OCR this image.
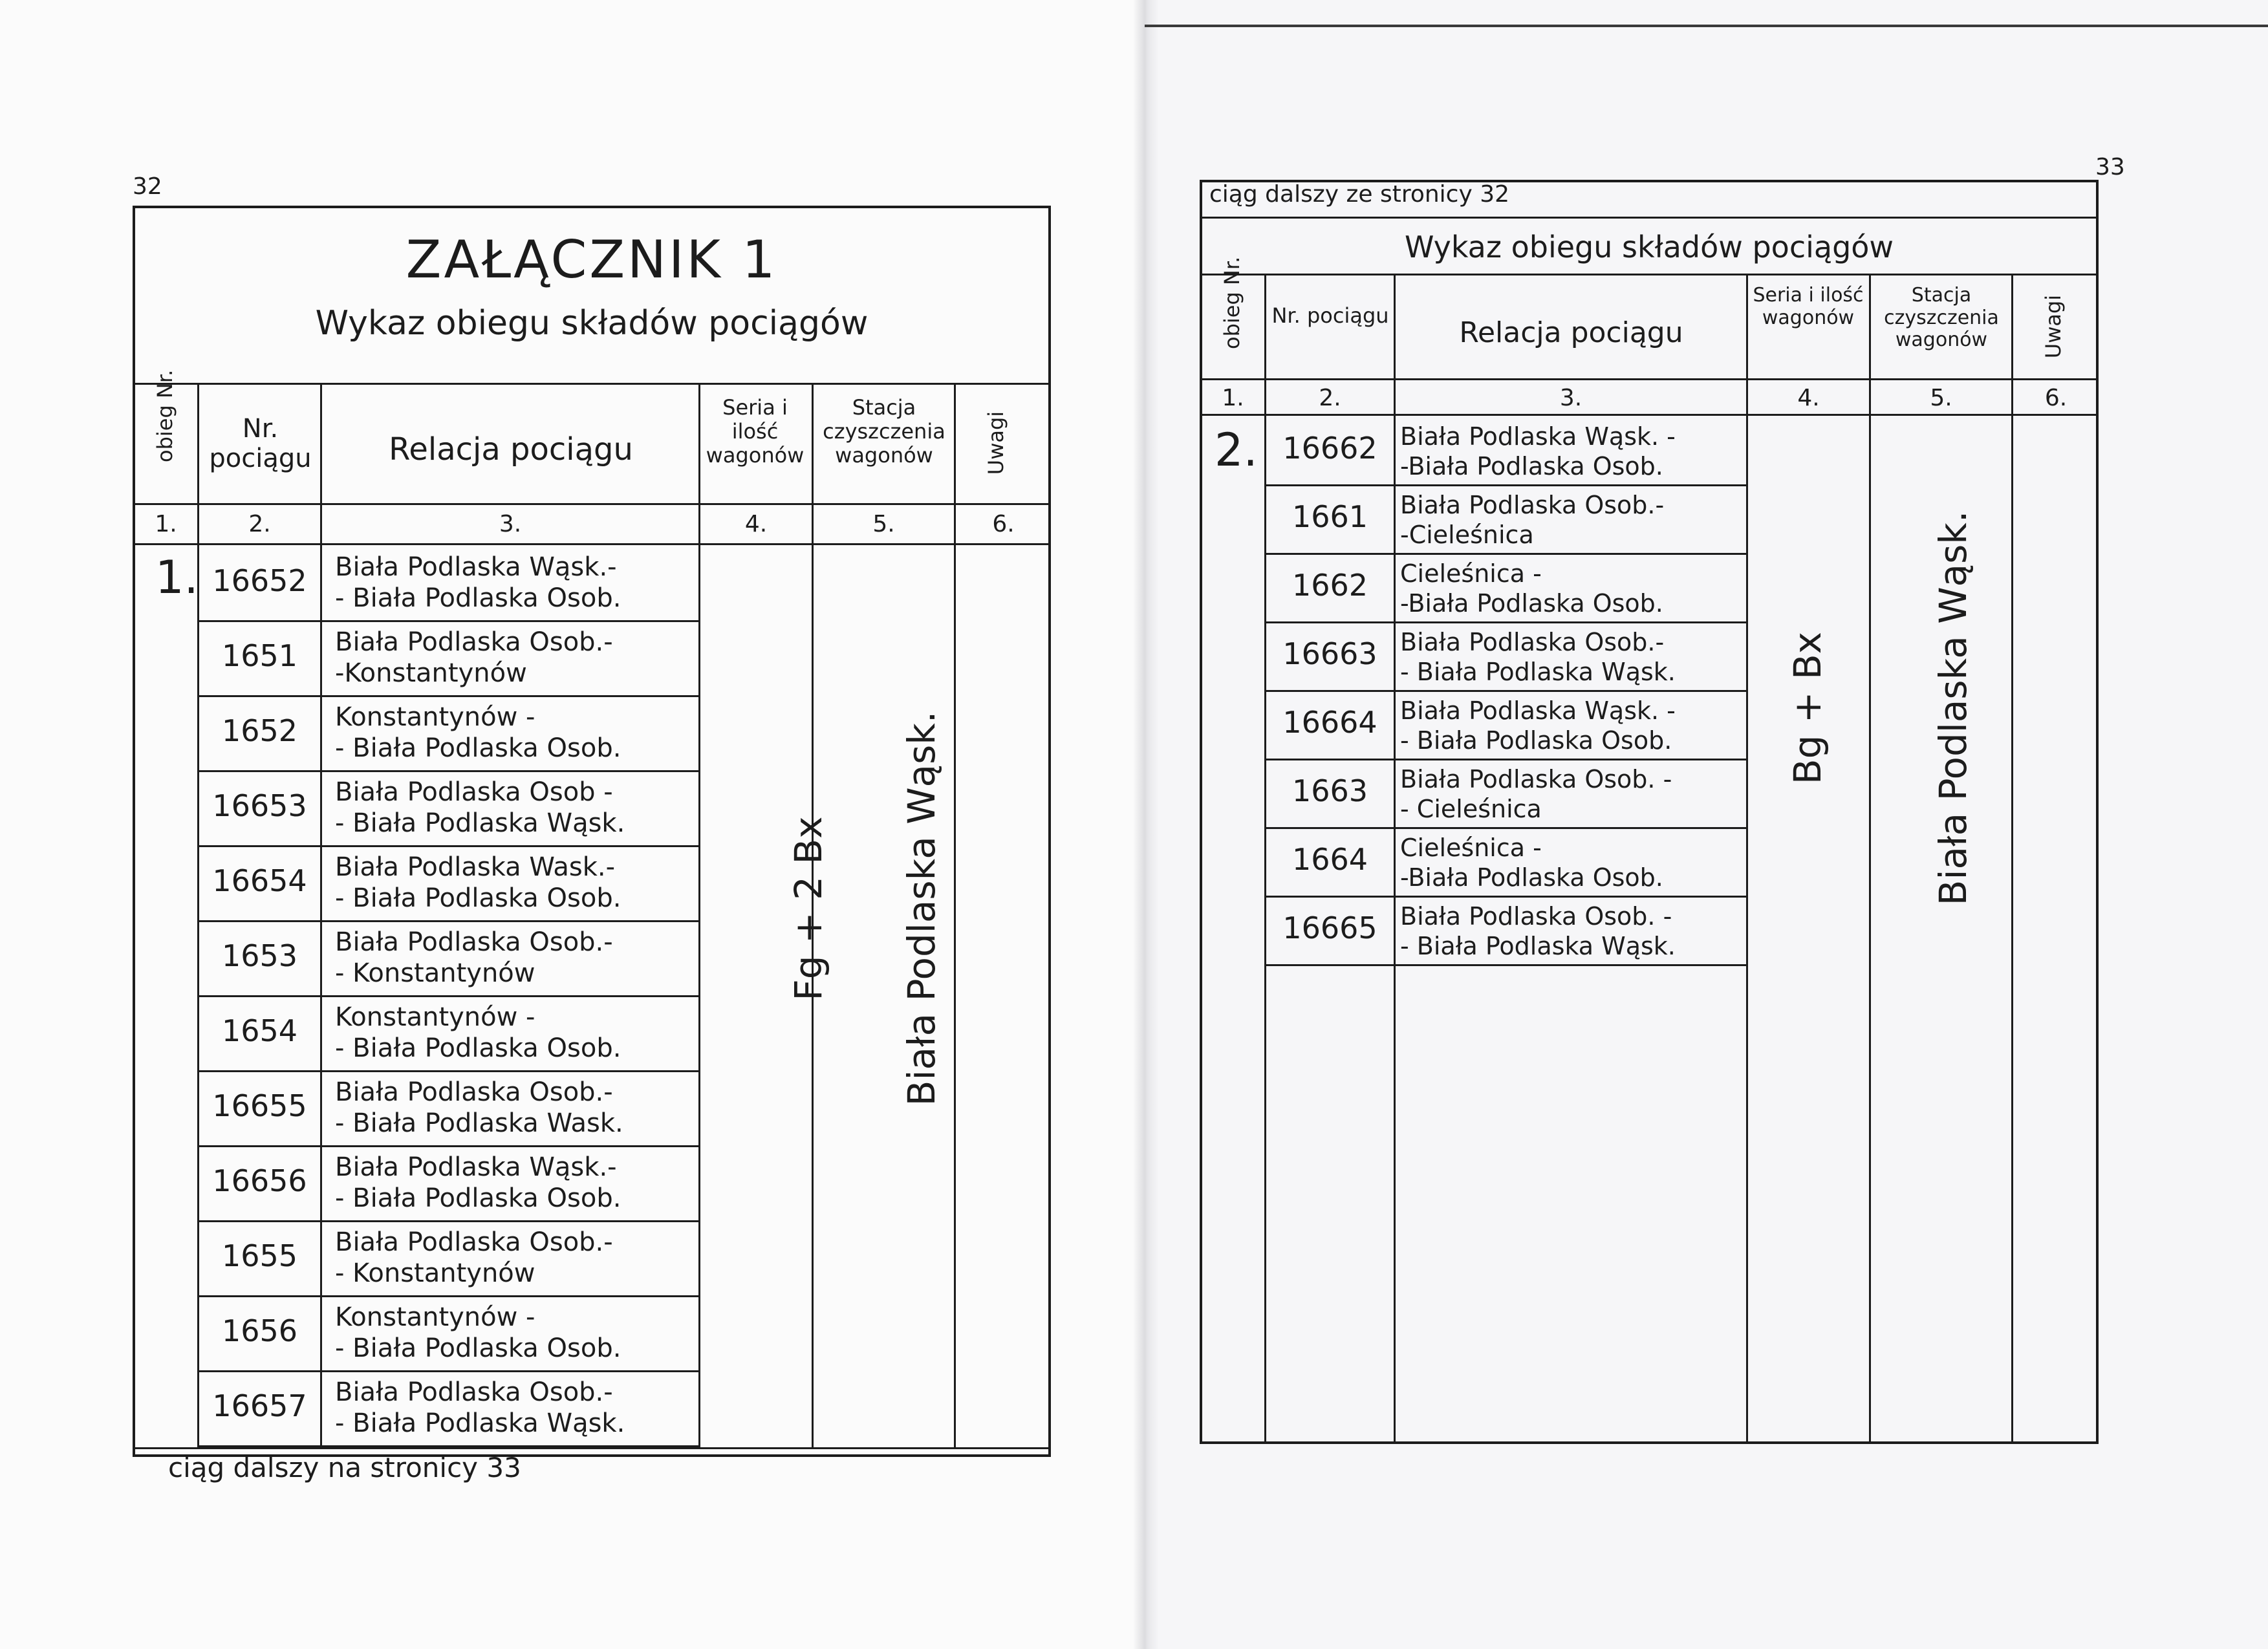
32
ZAŁĄCZNIK 1
Wykaz obiegu składów pociągów
Nr. pociągu	Relacja pociągu
Seria i ilość wagonów
Stacja czyszczenia wagonów	Uwagi
1.	2.	3.	4.	5.	6.
1. 16652	Biała Podlaska Wąsk.-
- Biała Podlaska Osob.
1651	Biała Podlaska Osob.-
-Konstantynów
1652	Konstantynów -
- Biała Podlaska Osob.
16653	Biała Podlaska Osob -
- Biała Podlaska Wąsk.
16654	Biała Podlaska Wask.-
- Biała Podlaska Osob.
1653	Biała Podlaska Osob.-
- Konstantynów
1654	Konstantynów -
- Biała Podlaska Osob.
16655	Biała Podlaska Osob.-
- Biała Podlaska Wask.
16656	Biała Podlaska Wąsk.-
- Biała Podlaska Osob.
1655	Biała Podlaska Osob.-
- Konstantynów
1656	Konstantynów -
- Biała Podlaska Osob.
16657	Biała Podlaska Osob.-
- Biała Podlaska Wąsk.
Fg + 2 Bx Biała Podlaska Wąsk.
ciąg dalszy na stronicy 33
33
ciąg dalszy ze stronicy 32
Wykaz obiegu składów pociągów
Nr. pociągu
Relacja pociągu
Seria i ilość wagonów
Stacja czyszczenia wagonów	Uwagi
1.	2.	3.	4.	5.	6.
2. 16662 Biała Podlaska Wąsk. -
-Biała Podlaska Osob.
1661	Biała Podlaska Osob.-
-Cieleśnica
1662	Cieleśnica -
-Biała Podlaska Osob.
16663 Biała Podlaska Osob.-
- Biała Podlaska Wąsk.
16664 Biała Podlaska Wąsk. -
- Biała Podlaska Osob.
1663	Biała Podlaska Osob. -
- Cieleśnica
1664	Cieleśnica -
-Biała Podlaska Osob.
16665 Biała Podlaska Osob. -
- Biała Podlaska Wąsk.
Bg + Bx	Biała Podlaska Wąsk.
